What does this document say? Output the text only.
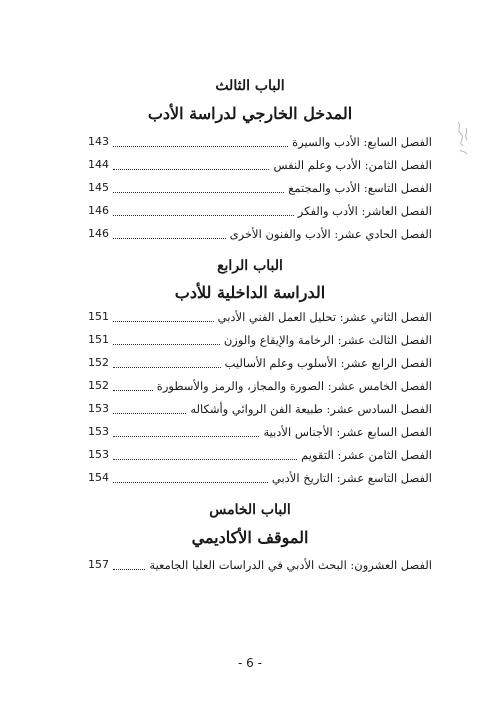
الباب الثالث
المدخل الخارجي لدراسة الأدب
الفصل السابع: الأدب والسيرة
143
الفصل الثامن: الأدب وعلم النفس
144
الفصل التاسع: الأدب والمجتمع
145
الفصل العاشر: الأدب والفكر
146
الفصل الحادي عشر: الأدب والفنون الأخرى
146
الباب الرابع
الدراسة الداخلية للأدب
الفصل الثاني عشر: تحليل العمل الفني الأدبي
151
الفصل الثالث عشر: الرخامة والإيقاع والوزن
151
الفصل الرابع عشر: الأسلوب وعلم الأساليب
152
الفصل الخامس عشر: الصورة والمجاز، والرمز والأسطورة
152
الفصل السادس عشر: طبيعة الفن الروائي وأشكاله
153
الفصل السابع عشر: الأجناس الأدبية
153
الفصل الثامن عشر: التقويم
153
الفصل التاسع عشر: التاريخ الأدبي
154
الباب الخامس
الموقف الأكاديمي
الفصل العشرون: البحث الأدبي في الدراسات العليا الجامعية
157
- 6 -
